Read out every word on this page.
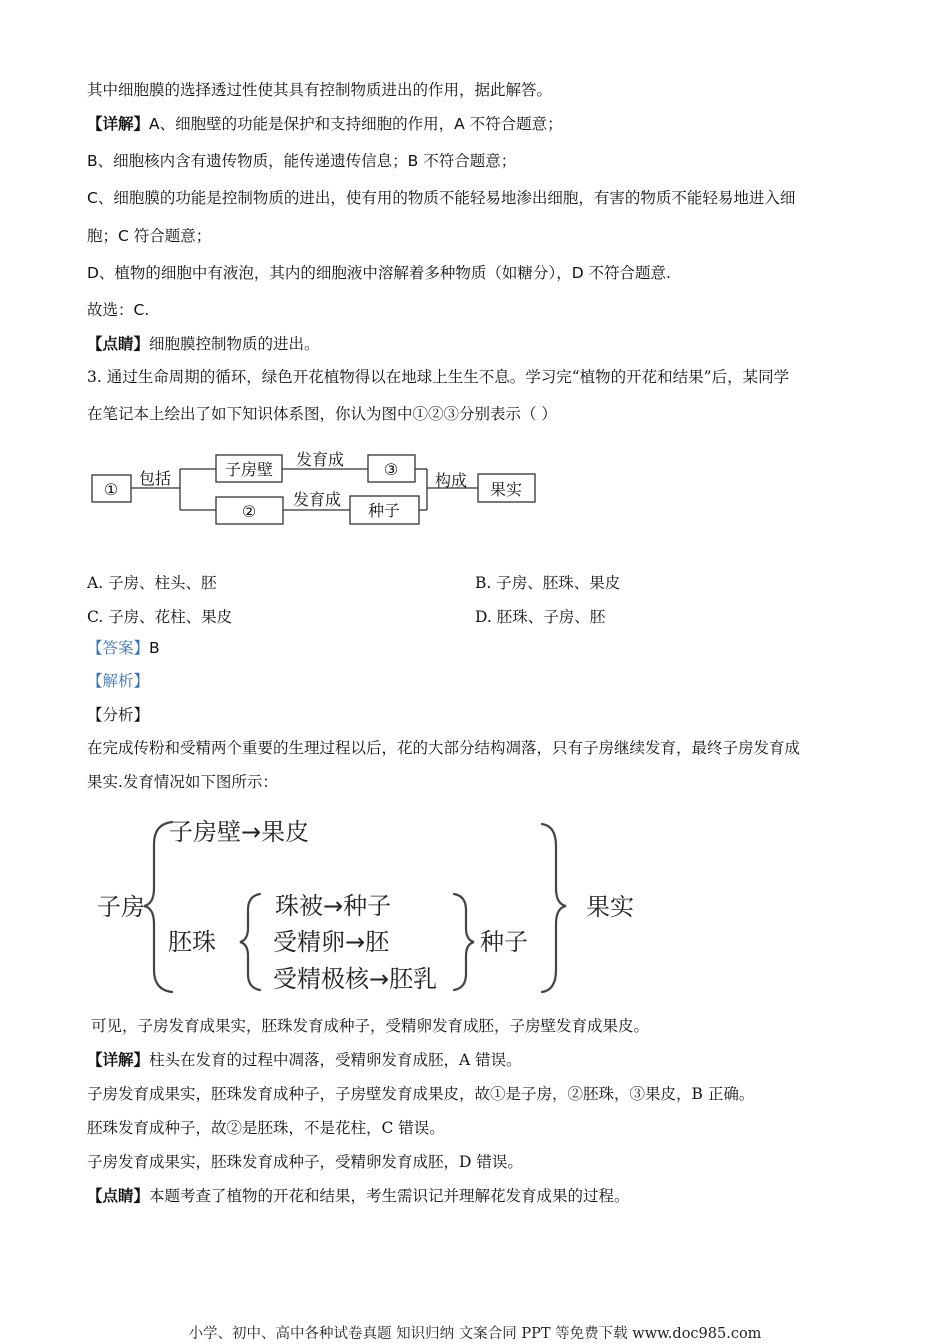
其中细胞膜的选择透过性使其具有控制物质进出的作用，据此解答。
【详解】A、细胞壁的功能是保护和支持细胞的作用，A 不符合题意；
B、细胞核内含有遗传物质，能传递遗传信息；B 不符合题意；
C、细胞膜的功能是控制物质的进出，使有用的物质不能轻易地渗出细胞，有害的物质不能轻易地进入细
胞；C 符合题意；
D、植物的细胞中有液泡，其内的细胞液中溶解着多种物质（如糖分），D 不符合题意.
故选：C.
【点睛】细胞膜控制物质的进出。
3. 通过生命周期的循环，绿色开花植物得以在地球上生生不息。学习完“植物的开花和结果”后，某同学
在笔记本上绘出了如下知识体系图，你认为图中①②③分别表示（ ）
①
包括	子房壁
发育成
③
构成 果实
②
发育成
种子
A. 子房、柱头、胚	B. 子房、胚珠、果皮
C. 子房、花柱、果皮	D. 胚珠、子房、胚
【答案】B
【解析】
【分析】
在完成传粉和受精两个重要的生理过程以后，花的大部分结构凋落，只有子房继续发育，最终子房发育成
果实.发育情况如下图所示：
子房
子房壁→果皮
胚珠
珠被→种子
受精卵→胚
受精极核→胚乳
种子
果实
可见，子房发育成果实，胚珠发育成种子，受精卵发育成胚，子房壁发育成果皮。
【详解】柱头在发育的过程中凋落，受精卵发育成胚，A 错误。
子房发育成果实，胚珠发育成种子，子房壁发育成果皮，故①是子房，②胚珠，③果皮，B 正确。
胚珠发育成种子，故②是胚珠，不是花柱，C 错误。
子房发育成果实，胚珠发育成种子，受精卵发育成胚，D 错误。
【点睛】本题考查了植物的开花和结果，考生需识记并理解花发育成果的过程。
小学、初中、高中各种试卷真题 知识归纳 文案合同 PPT 等免费下载 www.doc985.com
